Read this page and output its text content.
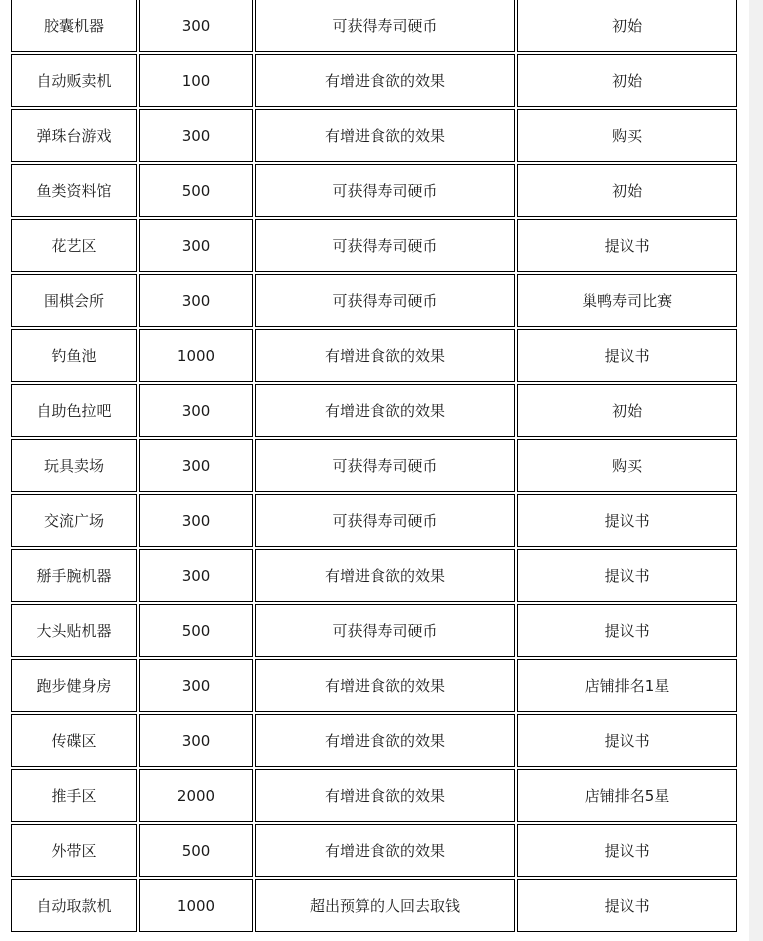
胶囊机器	300	可获得寿司硬币	初始
自动贩卖机	100	有增进食欲的效果	初始
弹珠台游戏	300	有增进食欲的效果	购买
鱼类资料馆	500	可获得寿司硬币	初始
花艺区	300	可获得寿司硬币	提议书
围棋会所	300	可获得寿司硬币	巢鸭寿司比赛
钓鱼池	1000	有增进食欲的效果	提议书
自助色拉吧	300	有增进食欲的效果	初始
玩具卖场	300	可获得寿司硬币	购买
交流广场	300	可获得寿司硬币	提议书
掰手腕机器	300	有增进食欲的效果	提议书
大头贴机器	500	可获得寿司硬币	提议书
跑步健身房	300	有增进食欲的效果	店铺排名1星
传碟区	300	有增进食欲的效果	提议书
推手区	2000	有增进食欲的效果	店铺排名5星
外带区	500	有增进食欲的效果	提议书
自动取款机	1000	超出预算的人回去取钱	提议书
